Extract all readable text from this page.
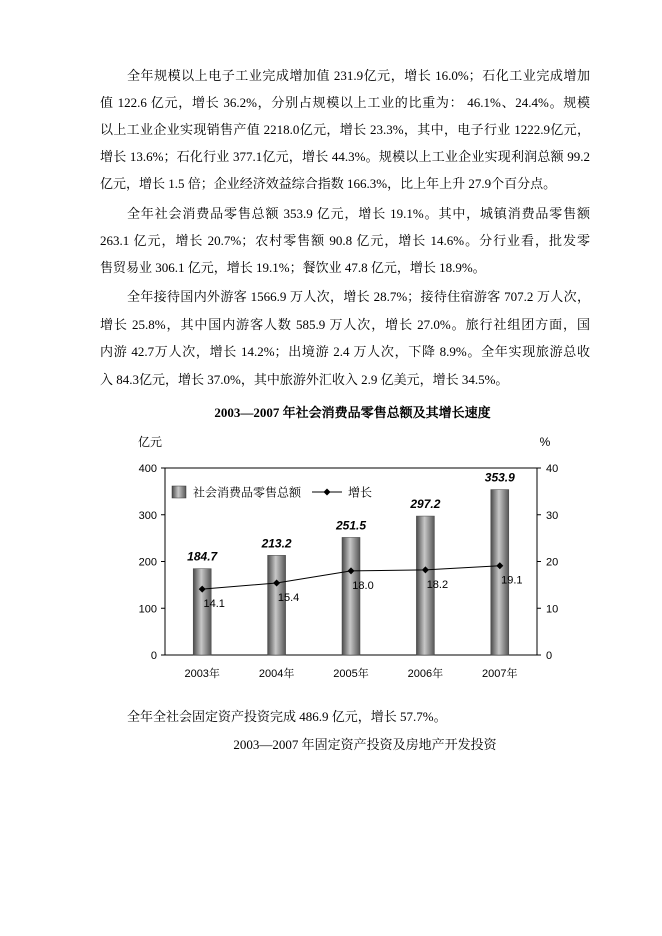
全年规模以上电子工业完成增加值 231.9亿元，增长 16.0%；石化工业完成增加
值 122.6 亿元，增长 36.2%，分别占规模以上工业的比重为： 46.1%、24.4%。规模
以上工业企业实现销售产值 2218.0亿元，增长 23.3%，其中，电子行业 1222.9亿元，
增长 13.6%；石化行业 377.1亿元，增长 44.3%。规模以上工业企业实现利润总额 99.2
亿元，增长 1.5 倍；企业经济效益综合指数 166.3%，比上年上升 27.9个百分点。
全年社会消费品零售总额 353.9 亿元，增长 19.1%。其中，城镇消费品零售额
263.1 亿元，增长 20.7%；农村零售额 90.8 亿元，增长 14.6%。分行业看，批发零
售贸易业 306.1 亿元，增长 19.1%；餐饮业 47.8 亿元，增长 18.9%。
全年接待国内外游客 1566.9 万人次，增长 28.7%；接待住宿游客 707.2 万人次，
增长 25.8%，其中国内游客人数 585.9 万人次，增长 27.0%。旅行社组团方面，国
内游 42.7万人次，增长 14.2%；出境游 2.4 万人次，下降 8.9%。全年实现旅游总收
入 84.3亿元，增长 37.0%，其中旅游外汇收入 2.9 亿美元，增长 34.5%。
2003—2007 年社会消费品零售总额及其增长速度
亿元	%
社会消费品零售总额	增长
0
100
200
300
400
0
10
20
30
40
184.7
213.2
251.5
297.2
353.9
14.1
15.4
18.0	18.2	19.1
2003年	2004年	2005年	2006年	2007年
全年全社会固定资产投资完成 486.9 亿元，增长 57.7%。
2003—2007 年固定资产投资及房地产开发投资
